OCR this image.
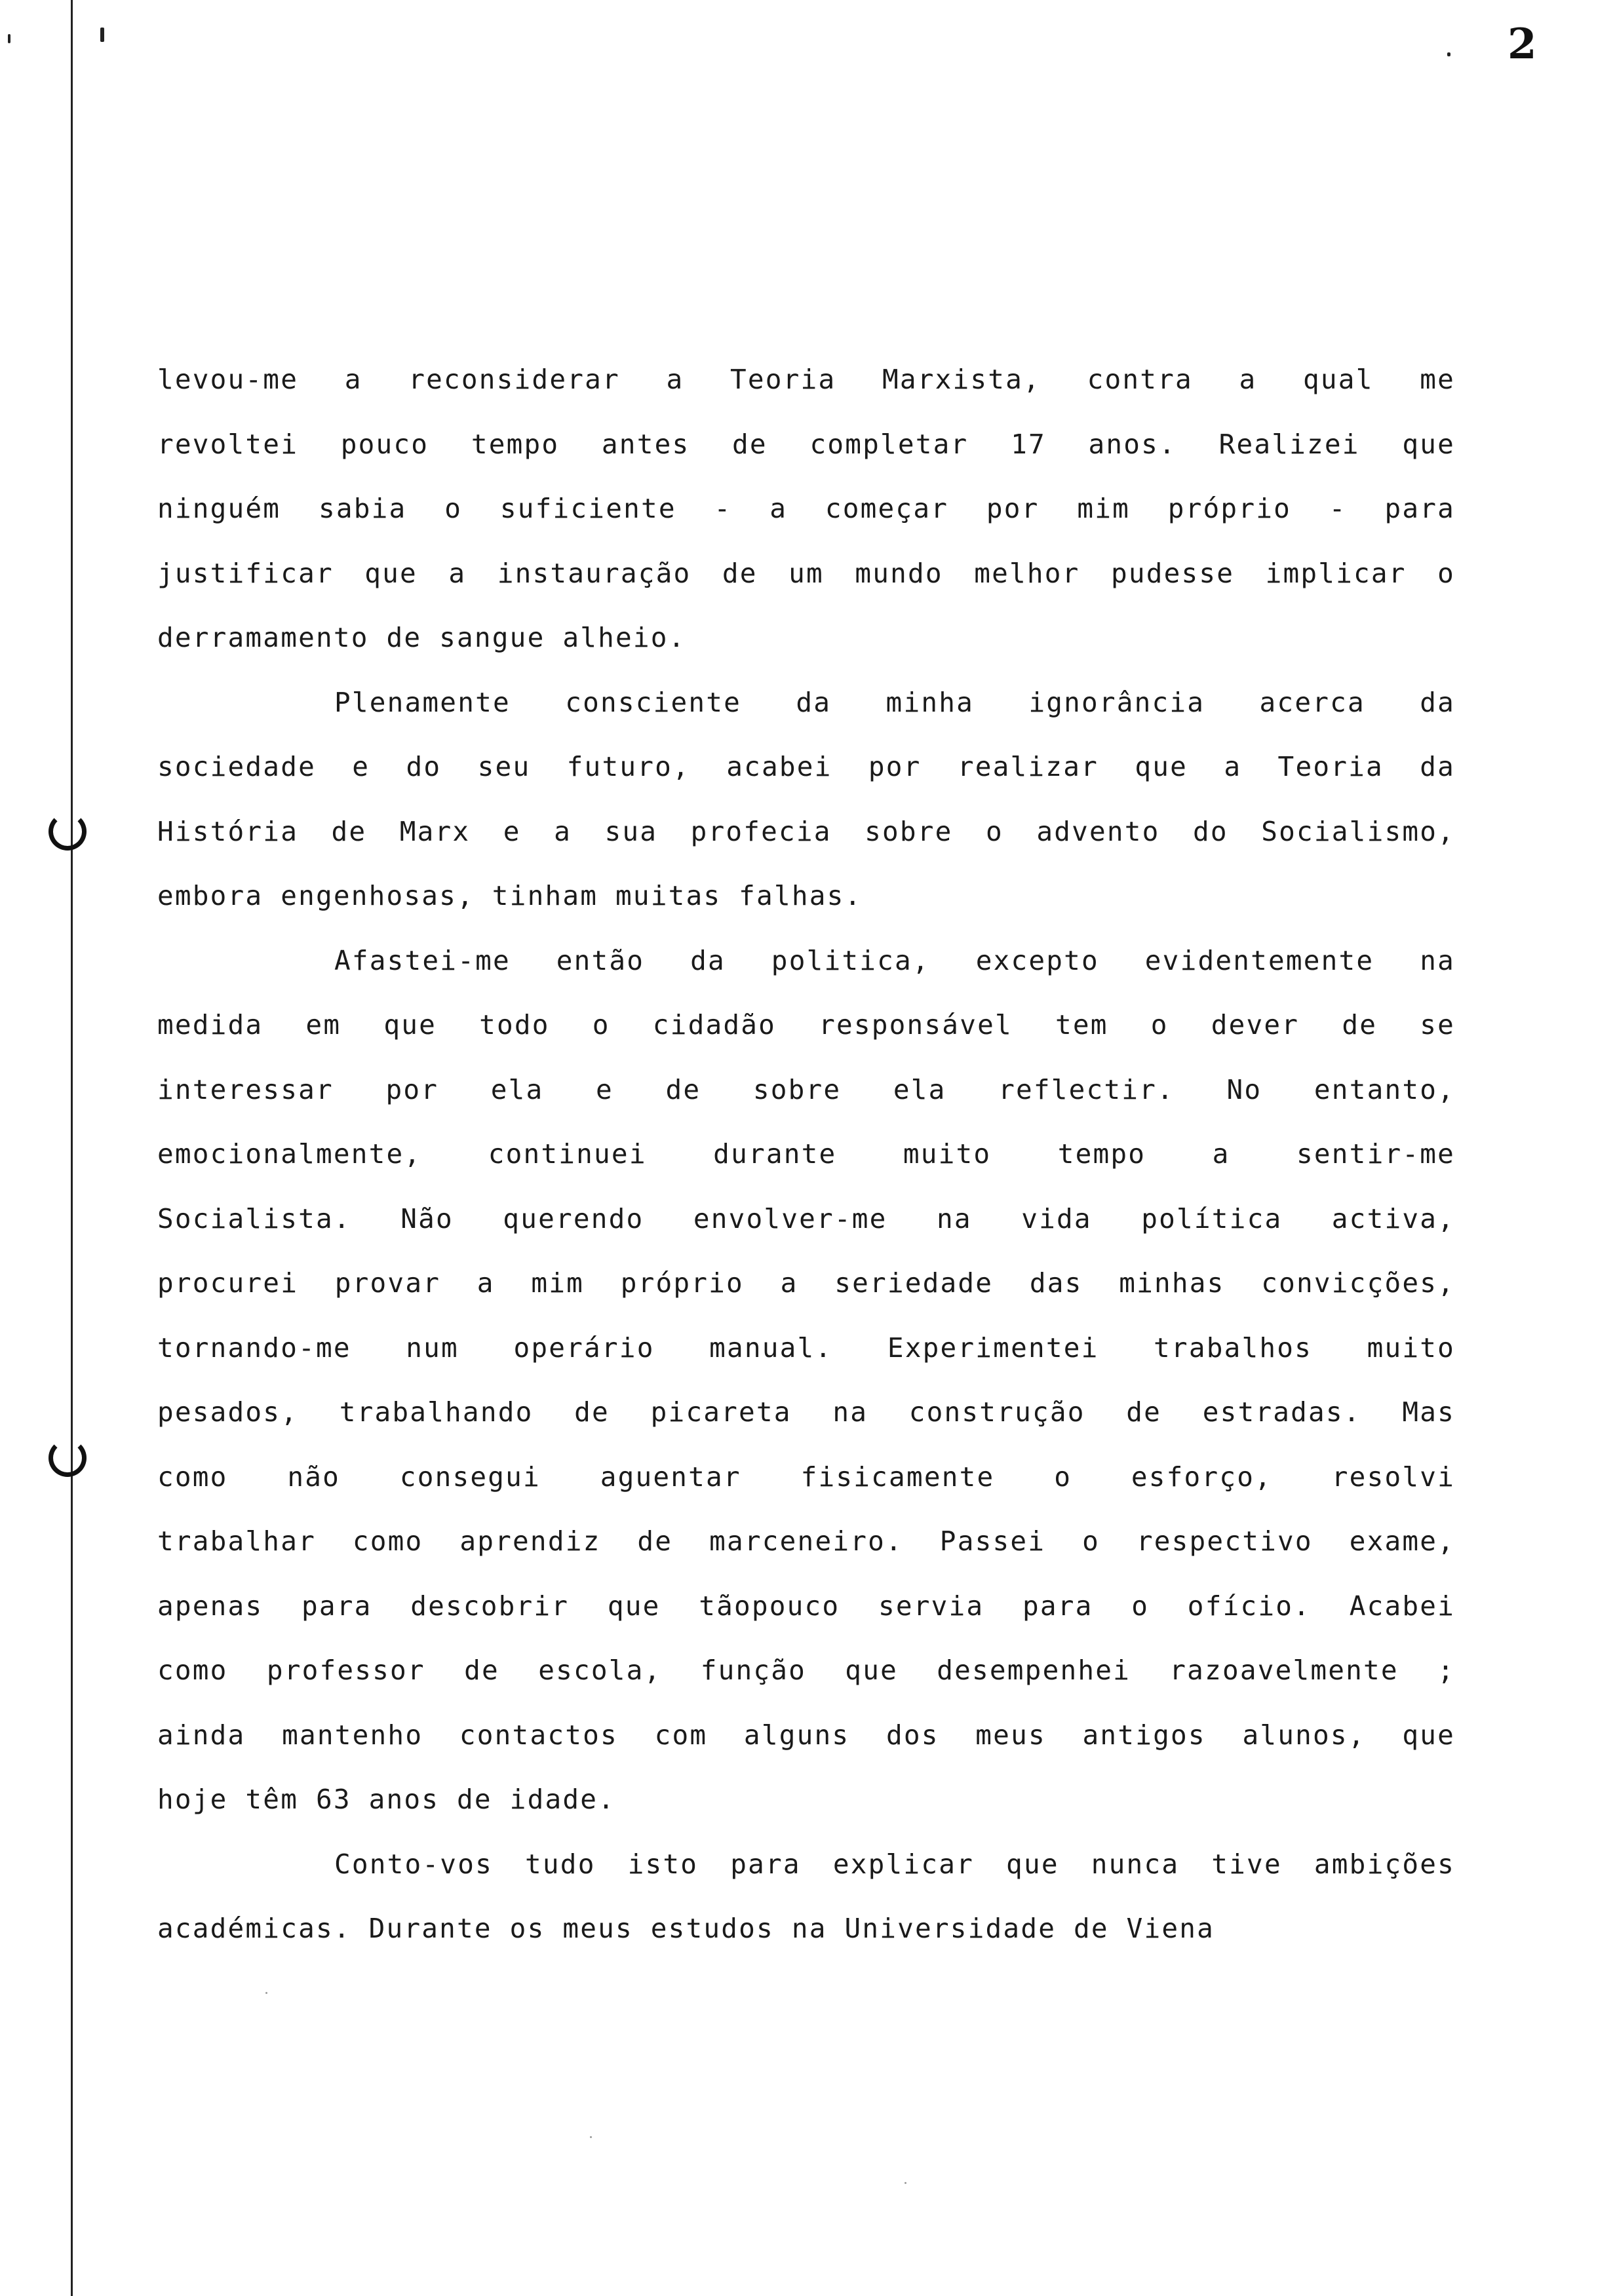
2
levou-me a reconsiderar a Teoria Marxista, contra a qual me
revoltei pouco tempo antes de completar 17 anos. Realizei que
ninguém sabia o suficiente - a começar por mim próprio - para
justificar que a instauração de um mundo melhor pudesse implicar o
derramamento de sangue alheio.
Plenamente consciente da minha ignorância acerca da
sociedade e do seu futuro, acabei por realizar que a Teoria da
História de Marx e a sua profecia sobre o advento do Socialismo,
embora engenhosas, tinham muitas falhas.
Afastei-me então da politica, excepto evidentemente na
medida em que todo o cidadão responsável tem o dever de se
interessar por ela e de sobre ela reflectir. No entanto,
emocionalmente, continuei durante muito tempo a sentir-me
Socialista. Não querendo envolver-me na vida política activa,
procurei provar a mim próprio a seriedade das minhas convicções,
tornando-me num operário manual. Experimentei trabalhos muito
pesados, trabalhando de picareta na construção de estradas. Mas
como não consegui aguentar fisicamente o esforço, resolvi
trabalhar como aprendiz de marceneiro. Passei o respectivo exame,
apenas para descobrir que tãopouco servia para o ofício. Acabei
como professor de escola, função que desempenhei razoavelmente ;
ainda mantenho contactos com alguns dos meus antigos alunos, que
hoje têm 63 anos de idade.
Conto-vos tudo isto para explicar que nunca tive ambições
académicas. Durante os meus estudos na Universidade de Viena
